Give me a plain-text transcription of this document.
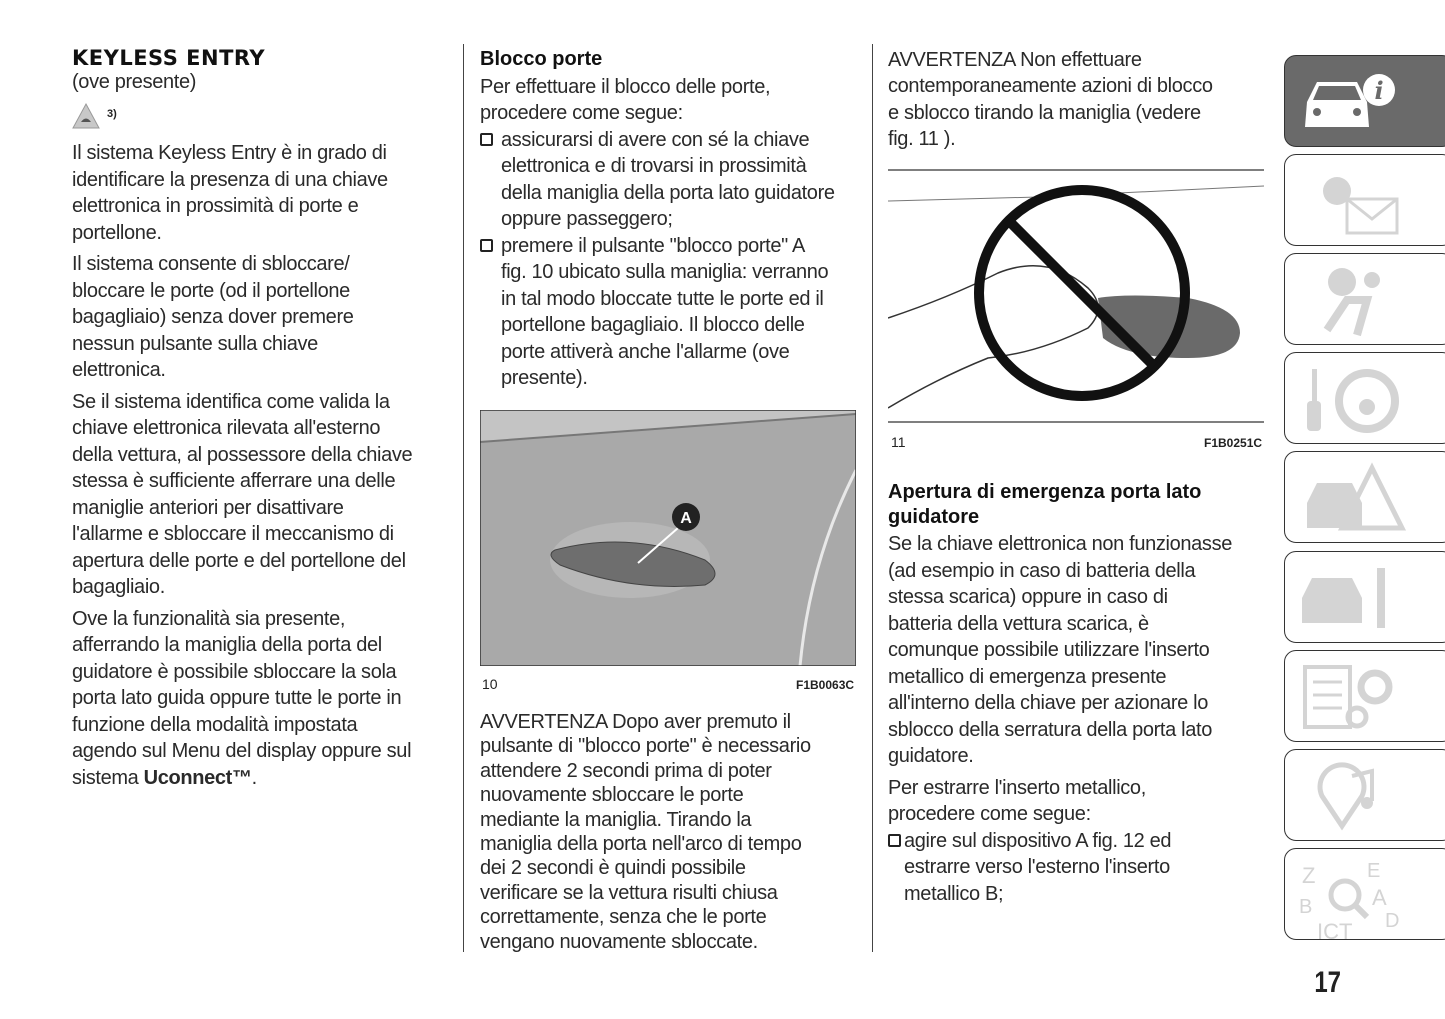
KEYLESS ENTRY
(ove presente)
3)

Il sistema Keyless Entry è in grado di
identificare la presenza di una chiave
elettronica in prossimità di porte e
portellone.

Il sistema consente di sbloccare/
bloccare le porte (od il portellone
bagagliaio) senza dover premere
nessun pulsante sulla chiave
elettronica.

Se il sistema identifica come valida la
chiave elettronica rilevata all'esterno
della vettura, al possessore della chiave
stessa è sufficiente afferrare una delle
maniglie anteriori per disattivare
l'allarme e sbloccare il meccanismo di
apertura delle porte e del portellone del
bagagliaio.

Ove la funzionalità sia presente,
afferrando la maniglia della porta del
guidatore è possibile sbloccare la sola
porta lato guida oppure tutte le porte in
funzione della modalità impostata
agendo sul Menu del display oppure sul
sistema Uconnect™.

Blocco porte

Per effettuare il blocco delle porte,
procedere come segue:

assicurarsi di avere con sé la chiave
elettronica e di trovarsi in prossimità
della maniglia della porta lato guidatore
oppure passeggero;

premere il pulsante "blocco porte" A
fig. 10 ubicato sulla maniglia: verranno
in tal modo bloccate tutte le porte ed il
portellone bagagliaio. Il blocco delle
porte attiverà anche l'allarme (ove
presente).

A
10	F1B0063C

AVVERTENZA Dopo aver premuto il
pulsante di "blocco porte" è necessario
attendere 2 secondi prima di poter
nuovamente sbloccare le porte
mediante la maniglia. Tirando la
maniglia della porta nell'arco di tempo
dei 2 secondi è quindi possibile
verificare se la vettura risulti chiusa
correttamente, senza che le porte
vengano nuovamente sbloccate.

AVVERTENZA Non effettuare
contemporaneamente azioni di blocco
e sblocco tirando la maniglia (vedere
fig. 11 ).

11	F1B0251C
Apertura di emergenza porta lato
guidatore

Se la chiave elettronica non funzionasse
(ad esempio in caso di batteria della
stessa scarica) oppure in caso di
batteria della vettura scarica, è
comunque possibile utilizzare l'inserto
metallico di emergenza presente
all'interno della chiave per azionare lo
sblocco della serratura della porta lato
guidatore.

Per estrarre l'inserto metallico,
procedere come segue:

agire sul dispositivo A fig. 12 ed
estrarre verso l'esterno l'inserto
metallico B;

i
Z	E
B	A
D
ICT
17
